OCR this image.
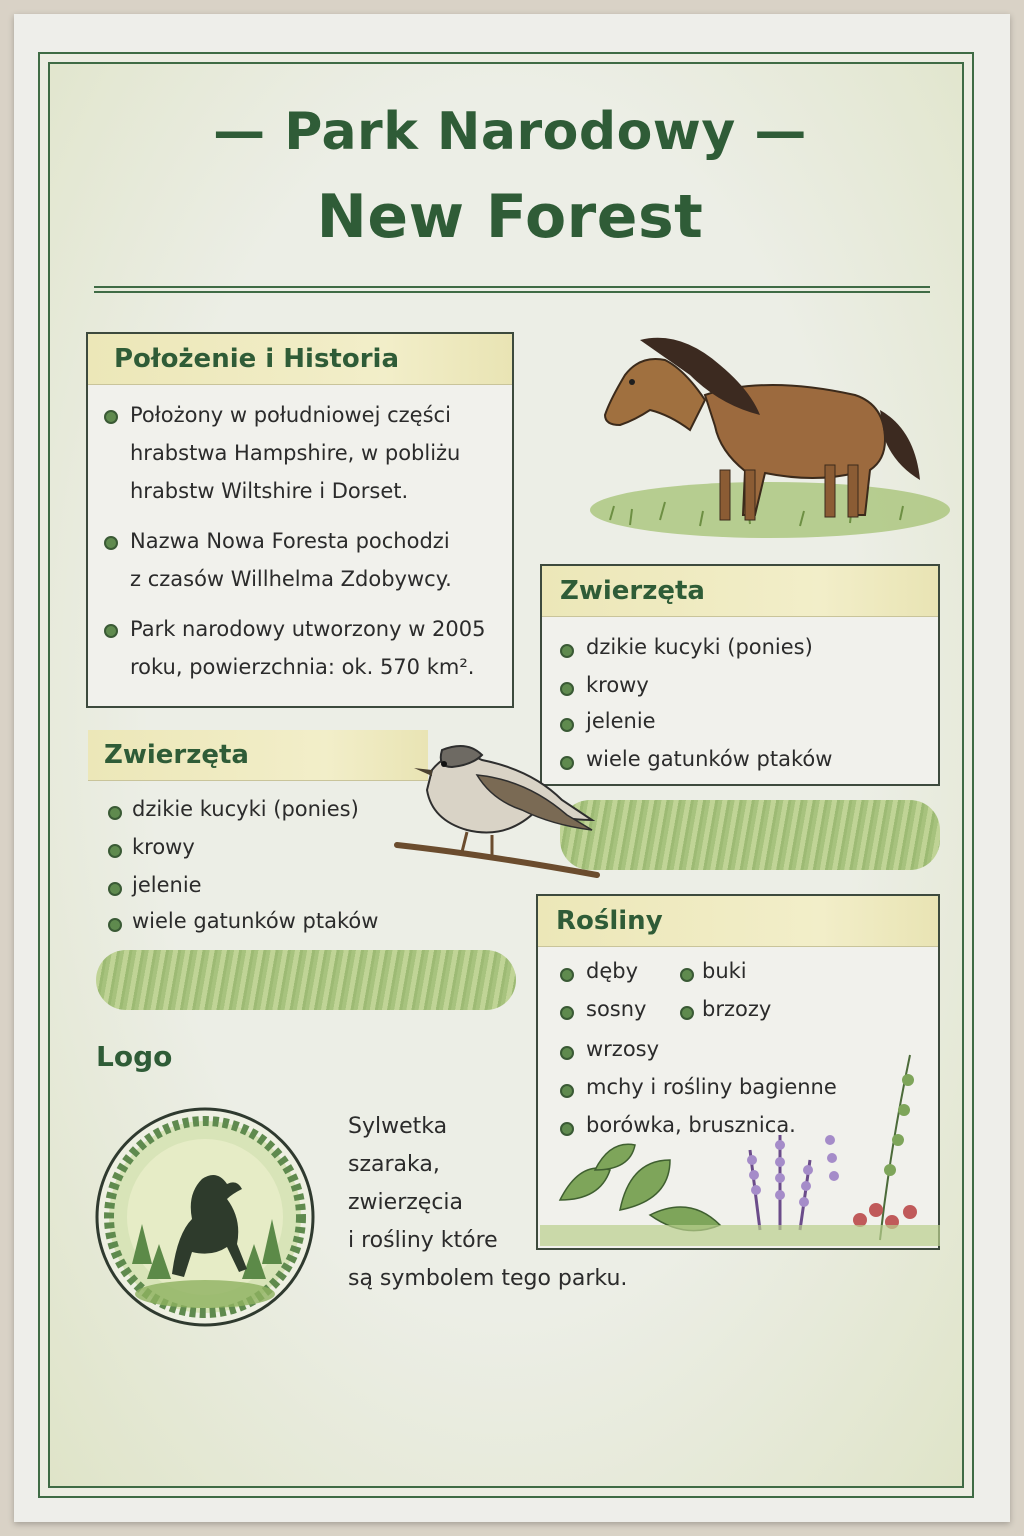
— Park Narodowy —
New Forest
Położenie i Historia
Położony w południowej części
hrabstwa Hampshire, w pobliżu
hrabstw Wiltshire i Dorset.
Nazwa Nowa Foresta pochodzi
z czasów Willhelma Zdobywcy.
Park narodowy utworzony w 2005
roku, powierzchnia: ok. 570 km².
Zwierzęta
dzikie kucyki (ponies)
krowy
jelenie
wiele gatunków ptaków
Zwierzęta
dzikie kucyki (ponies)
krowy
jelenie
wiele gatunków ptaków	Rośliny
dęby	buki
sosny	brzozy
wrzosy
mchy i rośliny bagienne
borówka, brusznica.
Logo
Sylwetka
szaraka,
zwierzęcia
i rośliny które
są symbolem tego parku.
